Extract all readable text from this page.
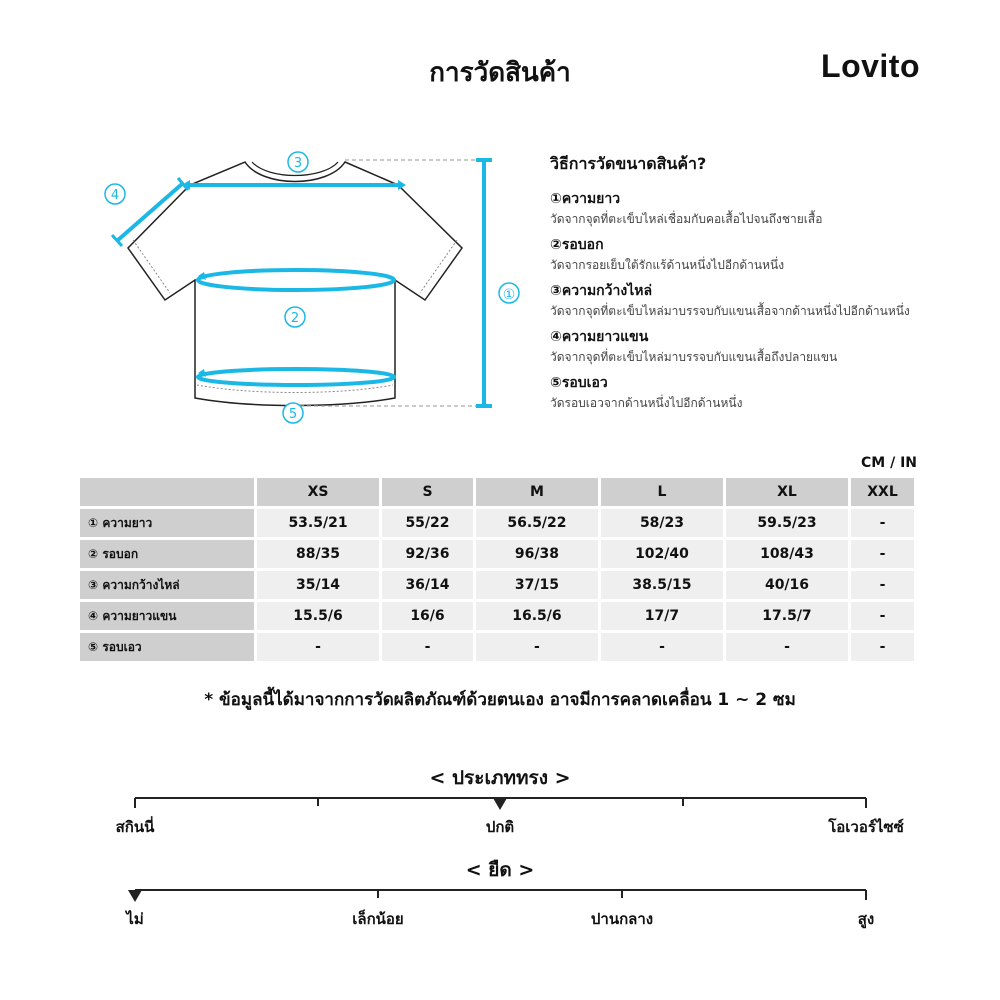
การวัดสินค้า	Lovito
①
2
3
4
5
วิธีการวัดขนาดสินค้า?
①ความยาว
วัดจากจุดที่ตะเข็บไหล่เชื่อมกับคอเสื้อไปจนถึงชายเสื้อ
②รอบอก
วัดจากรอยเย็บใต้รักแร้ด้านหนึ่งไปอีกด้านหนึ่ง
③ความกว้างไหล่
วัดจากจุดที่ตะเข็บไหล่มาบรรจบกับแขนเสื้อจากด้านหนึ่งไปอีกด้านหนึ่ง
④ความยาวแขน
วัดจากจุดที่ตะเข็บไหล่มาบรรจบกับแขนเสื้อถึงปลายแขน
⑤รอบเอว
วัดรอบเอวจากด้านหนึ่งไปอีกด้านหนึ่ง
CM / IN
	XS	S	M	L	XL	XXL
① ความยาว	53.5/21	55/22	56.5/22	58/23	59.5/23	-
② รอบอก	88/35	92/36	96/38	102/40	108/43	-
③ ความกว้างไหล่	35/14	36/14	37/15	38.5/15	40/16	-
④ ความยาวแขน	15.5/6	16/6	16.5/6	17/7	17.5/7	-
⑤ รอบเอว	-	-	-	-	-	-
* ข้อมูลนี้ได้มาจากการวัดผลิตภัณฑ์ด้วยตนเอง อาจมีการคลาดเคลื่อน 1 ~ 2 ซม
< ประเภททรง >
สกินนี่	ปกติ	โอเวอร์ไซซ์
< ยืด >
ไม่	เล็กน้อย	ปานกลาง	สูง
